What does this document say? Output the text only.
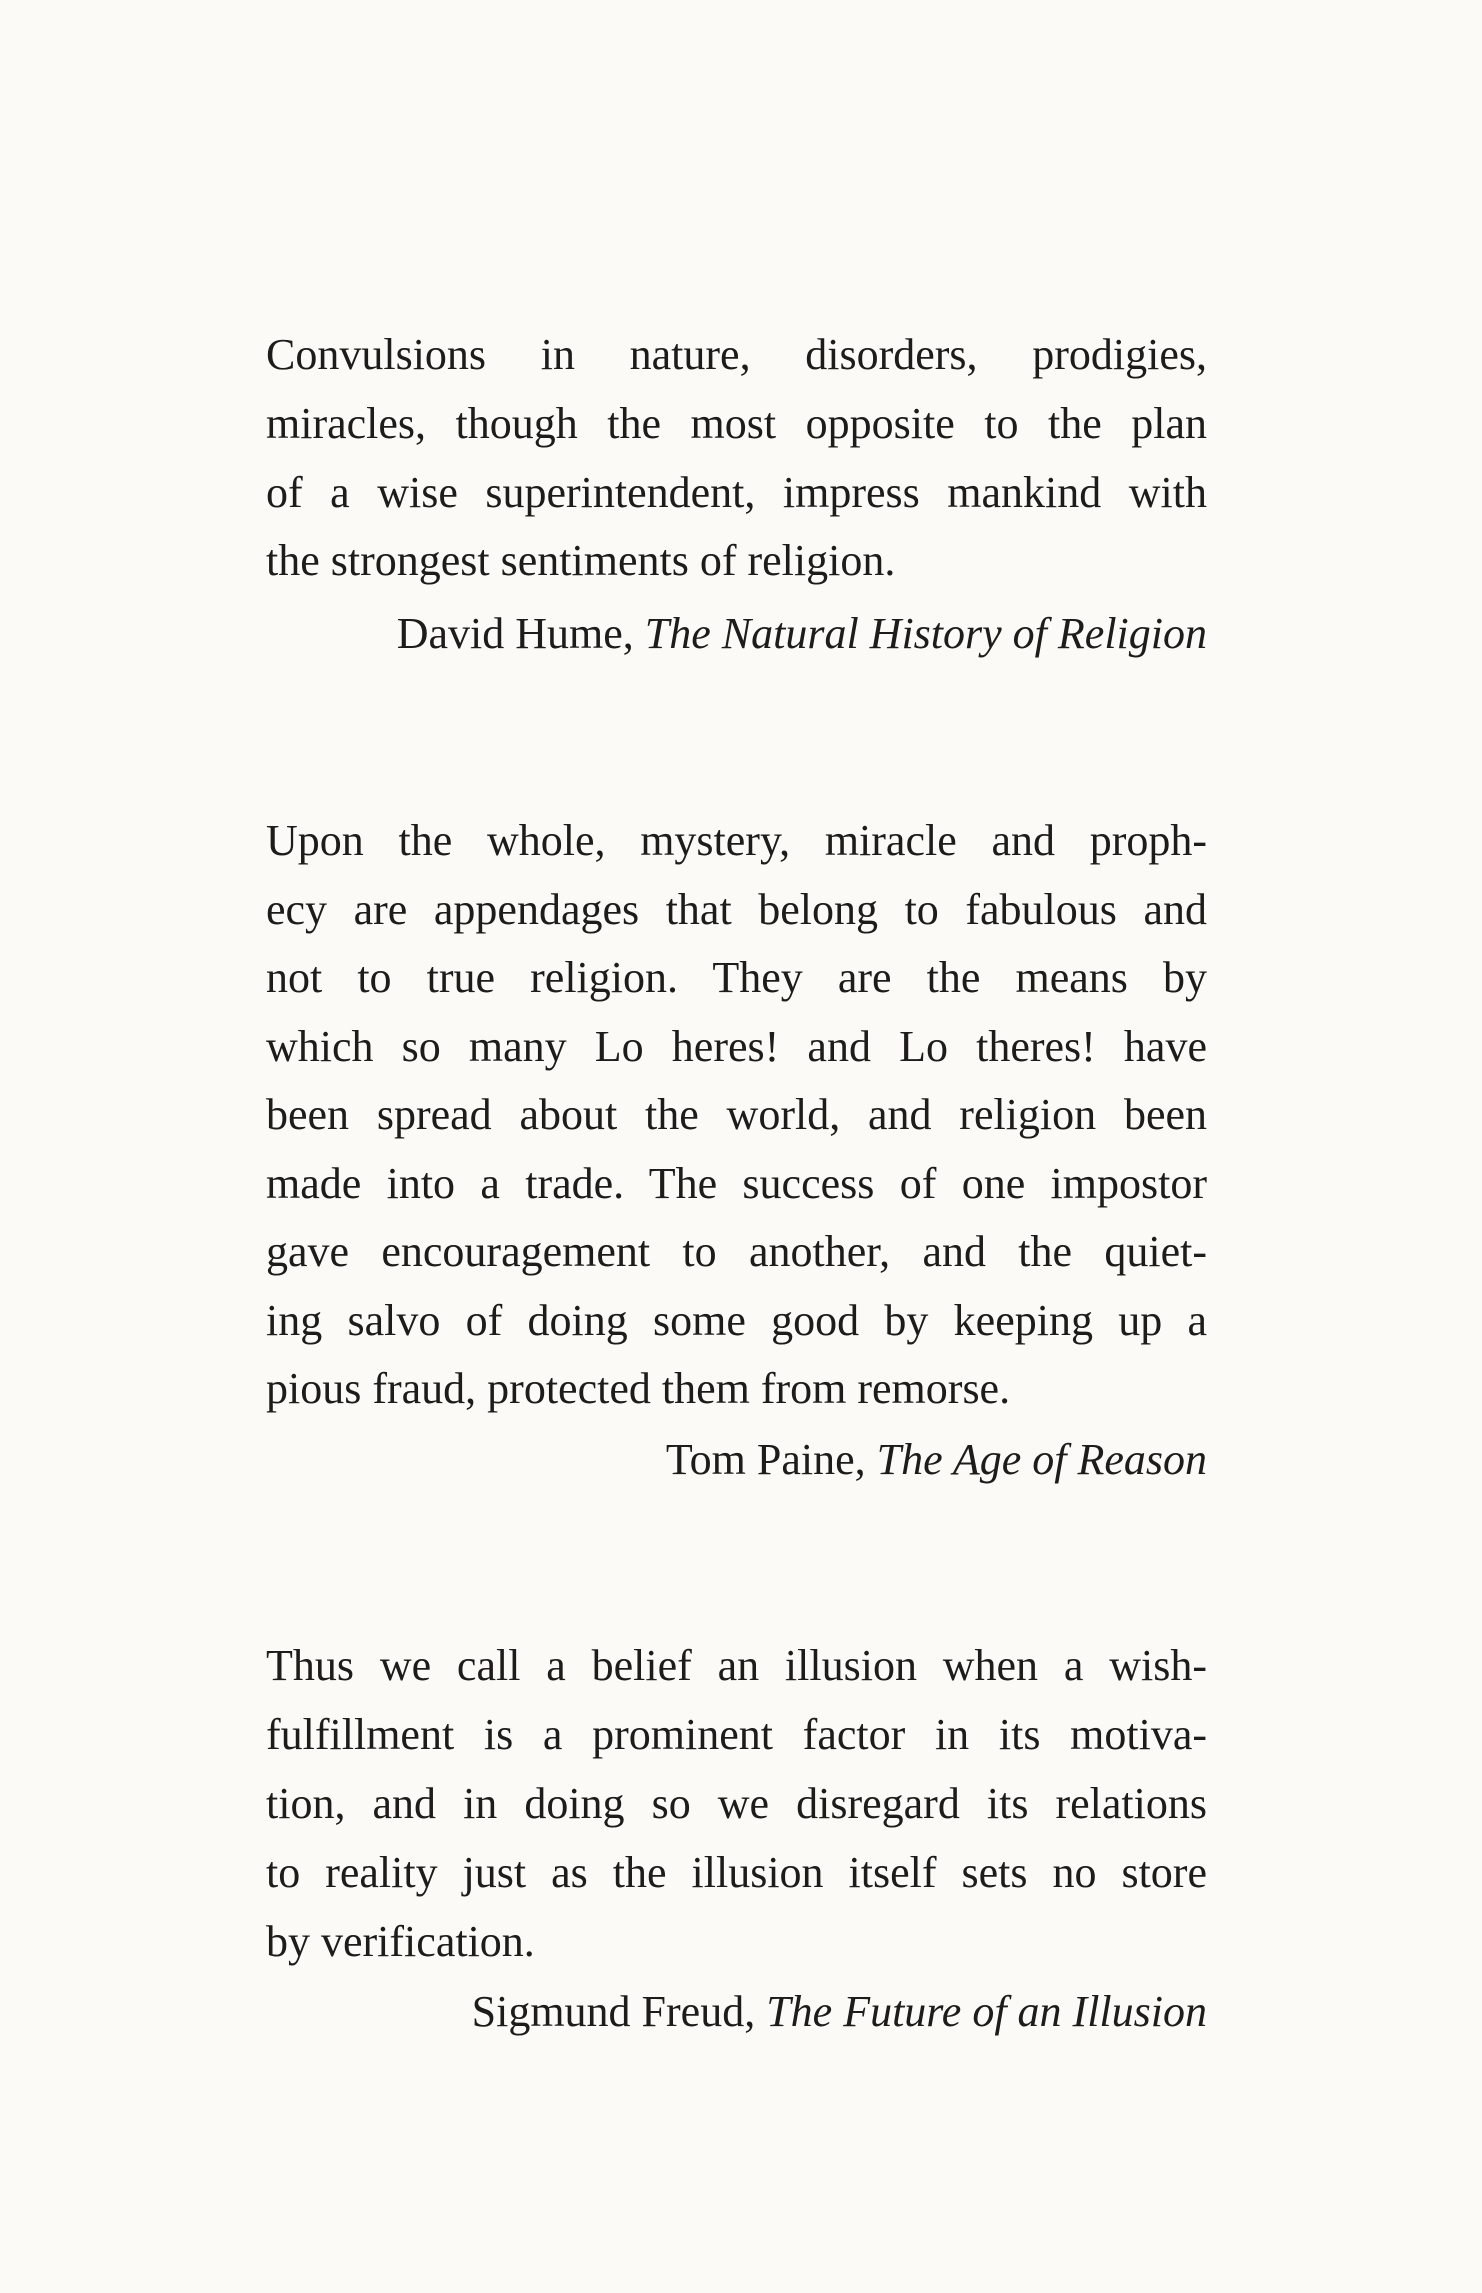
Convulsions in nature, disorders, prodigies,
miracles, though the most opposite to the plan
of a wise superintendent, impress mankind with
the strongest sentiments of religion.
David Hume, The Natural History of Religion
Upon the whole, mystery, miracle and proph-
ecy are appendages that belong to fabulous and
not to true religion. They are the means by
which so many Lo heres! and Lo theres! have
been spread about the world, and religion been
made into a trade. The success of one impostor
gave encouragement to another, and the quiet-
ing salvo of doing some good by keeping up a
pious fraud, protected them from remorse.
Tom Paine, The Age of Reason
Thus we call a belief an illusion when a wish-
fulfillment is a prominent factor in its motiva-
tion, and in doing so we disregard its relations
to reality just as the illusion itself sets no store
by verification.
Sigmund Freud, The Future of an Illusion
